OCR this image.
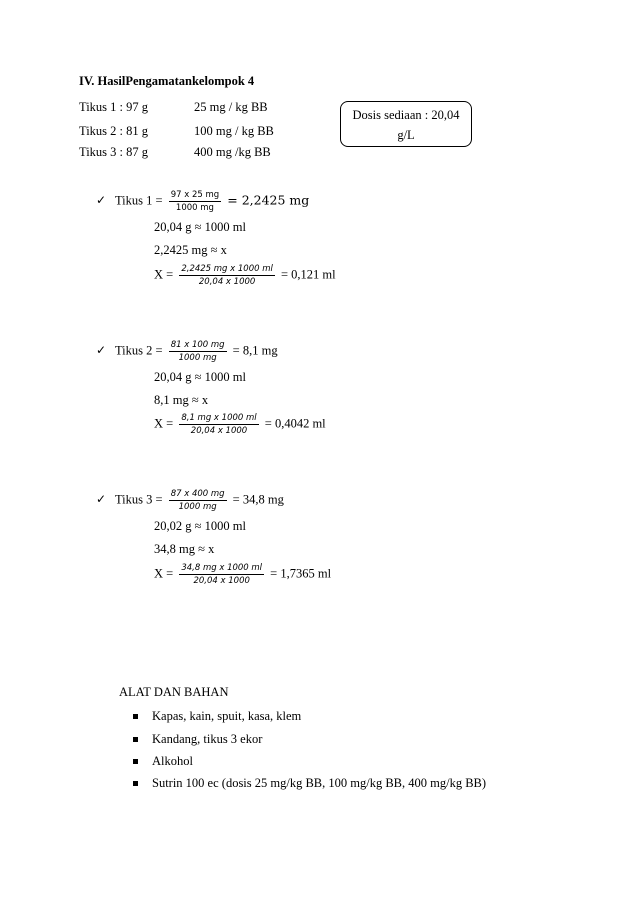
IV. HasilPengamatankelompok 4
Tikus 1 : 97 g	25 mg / kg BB
Tikus 2 : 81 g	100 mg / kg BB
Tikus 3 : 87 g	400 mg /kg BB
Dosis sediaan : 20,04
g/L
✓ Tikus $1 = \frac{97 x 25 mg}{1000 mg} = 2,2425$ mg
20,04 g ≈ 1000 ml
2,2425 mg ≈ x
$X = \frac{\text{2,2425 mg x 1000 ml}}{20,04 x 1000} = 0,121$ ml
✓ Tikus $2 = \frac{81 x 100 mg}{1000 mg} = 8,1$ mg
20,04 g ≈ 1000 ml
8,1 mg ≈ x
$X = \frac{\text{8,1 mg x 1000 ml}}{20,04 x 1000} = 0,4042$ ml
✓ Tikus $3 = \frac{87 x 400 mg}{1000 mg} = 34,8$ mg
20,02 g ≈ 1000 ml
34,8 mg ≈ x
$X = \frac{\text{34,8 mg x 1000 ml}}{20,04 x 1000} = 1,7365$ ml
ALAT DAN BAHAN
Kapas, kain, spuit, kasa, klem
Kandang, tikus 3 ekor
Alkohol
Sutrin 100 ec (dosis 25 mg/kg BB, 100 mg/kg BB, 400 mg/kg BB)
